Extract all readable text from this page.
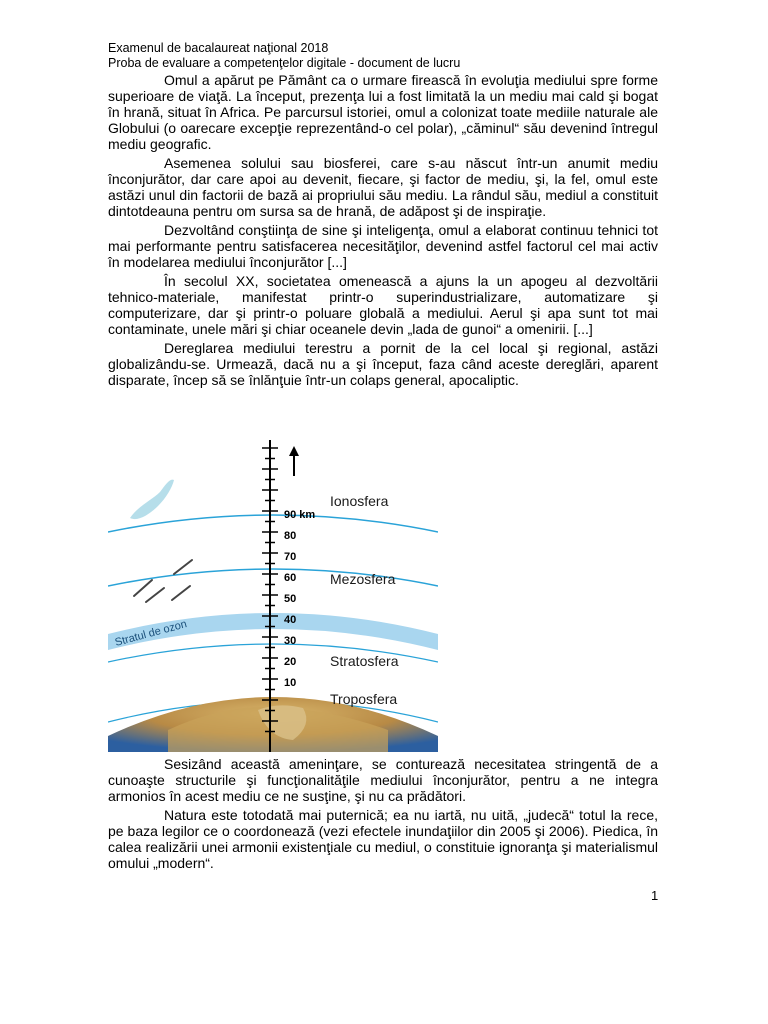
Examenul de bacalaureat naţional 2018
Proba de evaluare a competenţelor digitale - document de lucru

Omul a apărut pe Pământ ca o urmare firească în evoluţia mediului spre forme superioare de viaţă. La început, prezenţa lui a fost limitată la un mediu mai cald şi bogat în hrană, situat în Africa. Pe parcursul istoriei, omul a colonizat toate mediile naturale ale Globului (o oarecare excepţie reprezentând-o cel polar), „căminul“ său devenind întregul mediu geografic.

Asemenea solului sau biosferei, care s-au născut într-un anumit mediu înconjurător, dar care apoi au devenit, fiecare, şi factor de mediu, şi, la fel, omul este astăzi unul din factorii de bază ai propriului său mediu. La rândul său, mediul a constituit dintotdeauna pentru om sursa sa de hrană, de adăpost şi de inspiraţie.

Dezvoltând conştiinţa de sine şi inteligenţa, omul a elaborat continuu tehnici tot mai performante pentru satisfacerea necesităţilor, devenind astfel factorul cel mai activ în modelarea mediului înconjurător [...]

În secolul XX, societatea omenească a ajuns la un apogeu al dezvoltării tehnico-materiale, manifestat printr-o superindustrializare, automatizare şi computerizare, dar şi printr-o poluare globală a mediului. Aerul şi apa sunt tot mai contaminate, unele mări şi chiar oceanele devin „lada de gunoi“ a omenirii. [...]

Dereglarea mediului terestru a pornit de la cel local şi regional, astăzi globalizându-se. Urmează, dacă nu a şi început, faza când aceste dereglări, aparent disparate, încep să se înlănţuie într-un colaps general, apocaliptic.

90 km
80
70
60
50
40
30
20
10
Ionosfera
Mezosfera
Stratosfera
Troposfera
Stratul de ozon

Sesizând această ameninţare, se conturează necesitatea stringentă de a cunoaşte structurile şi funcţionalităţile mediului înconjurător, pentru a ne integra armonios în acest mediu ce ne susţine, şi nu ca prădători.

Natura este totodată mai puternică; ea nu iartă, nu uită, „judecă“ totul la rece, pe baza legilor ce o coordonează (vezi efectele inundaţiilor din 2005 şi 2006). Piedica, în calea realizării unei armonii existenţiale cu mediul, o constituie ignoranţa şi materialismul omului „modern“.

1
